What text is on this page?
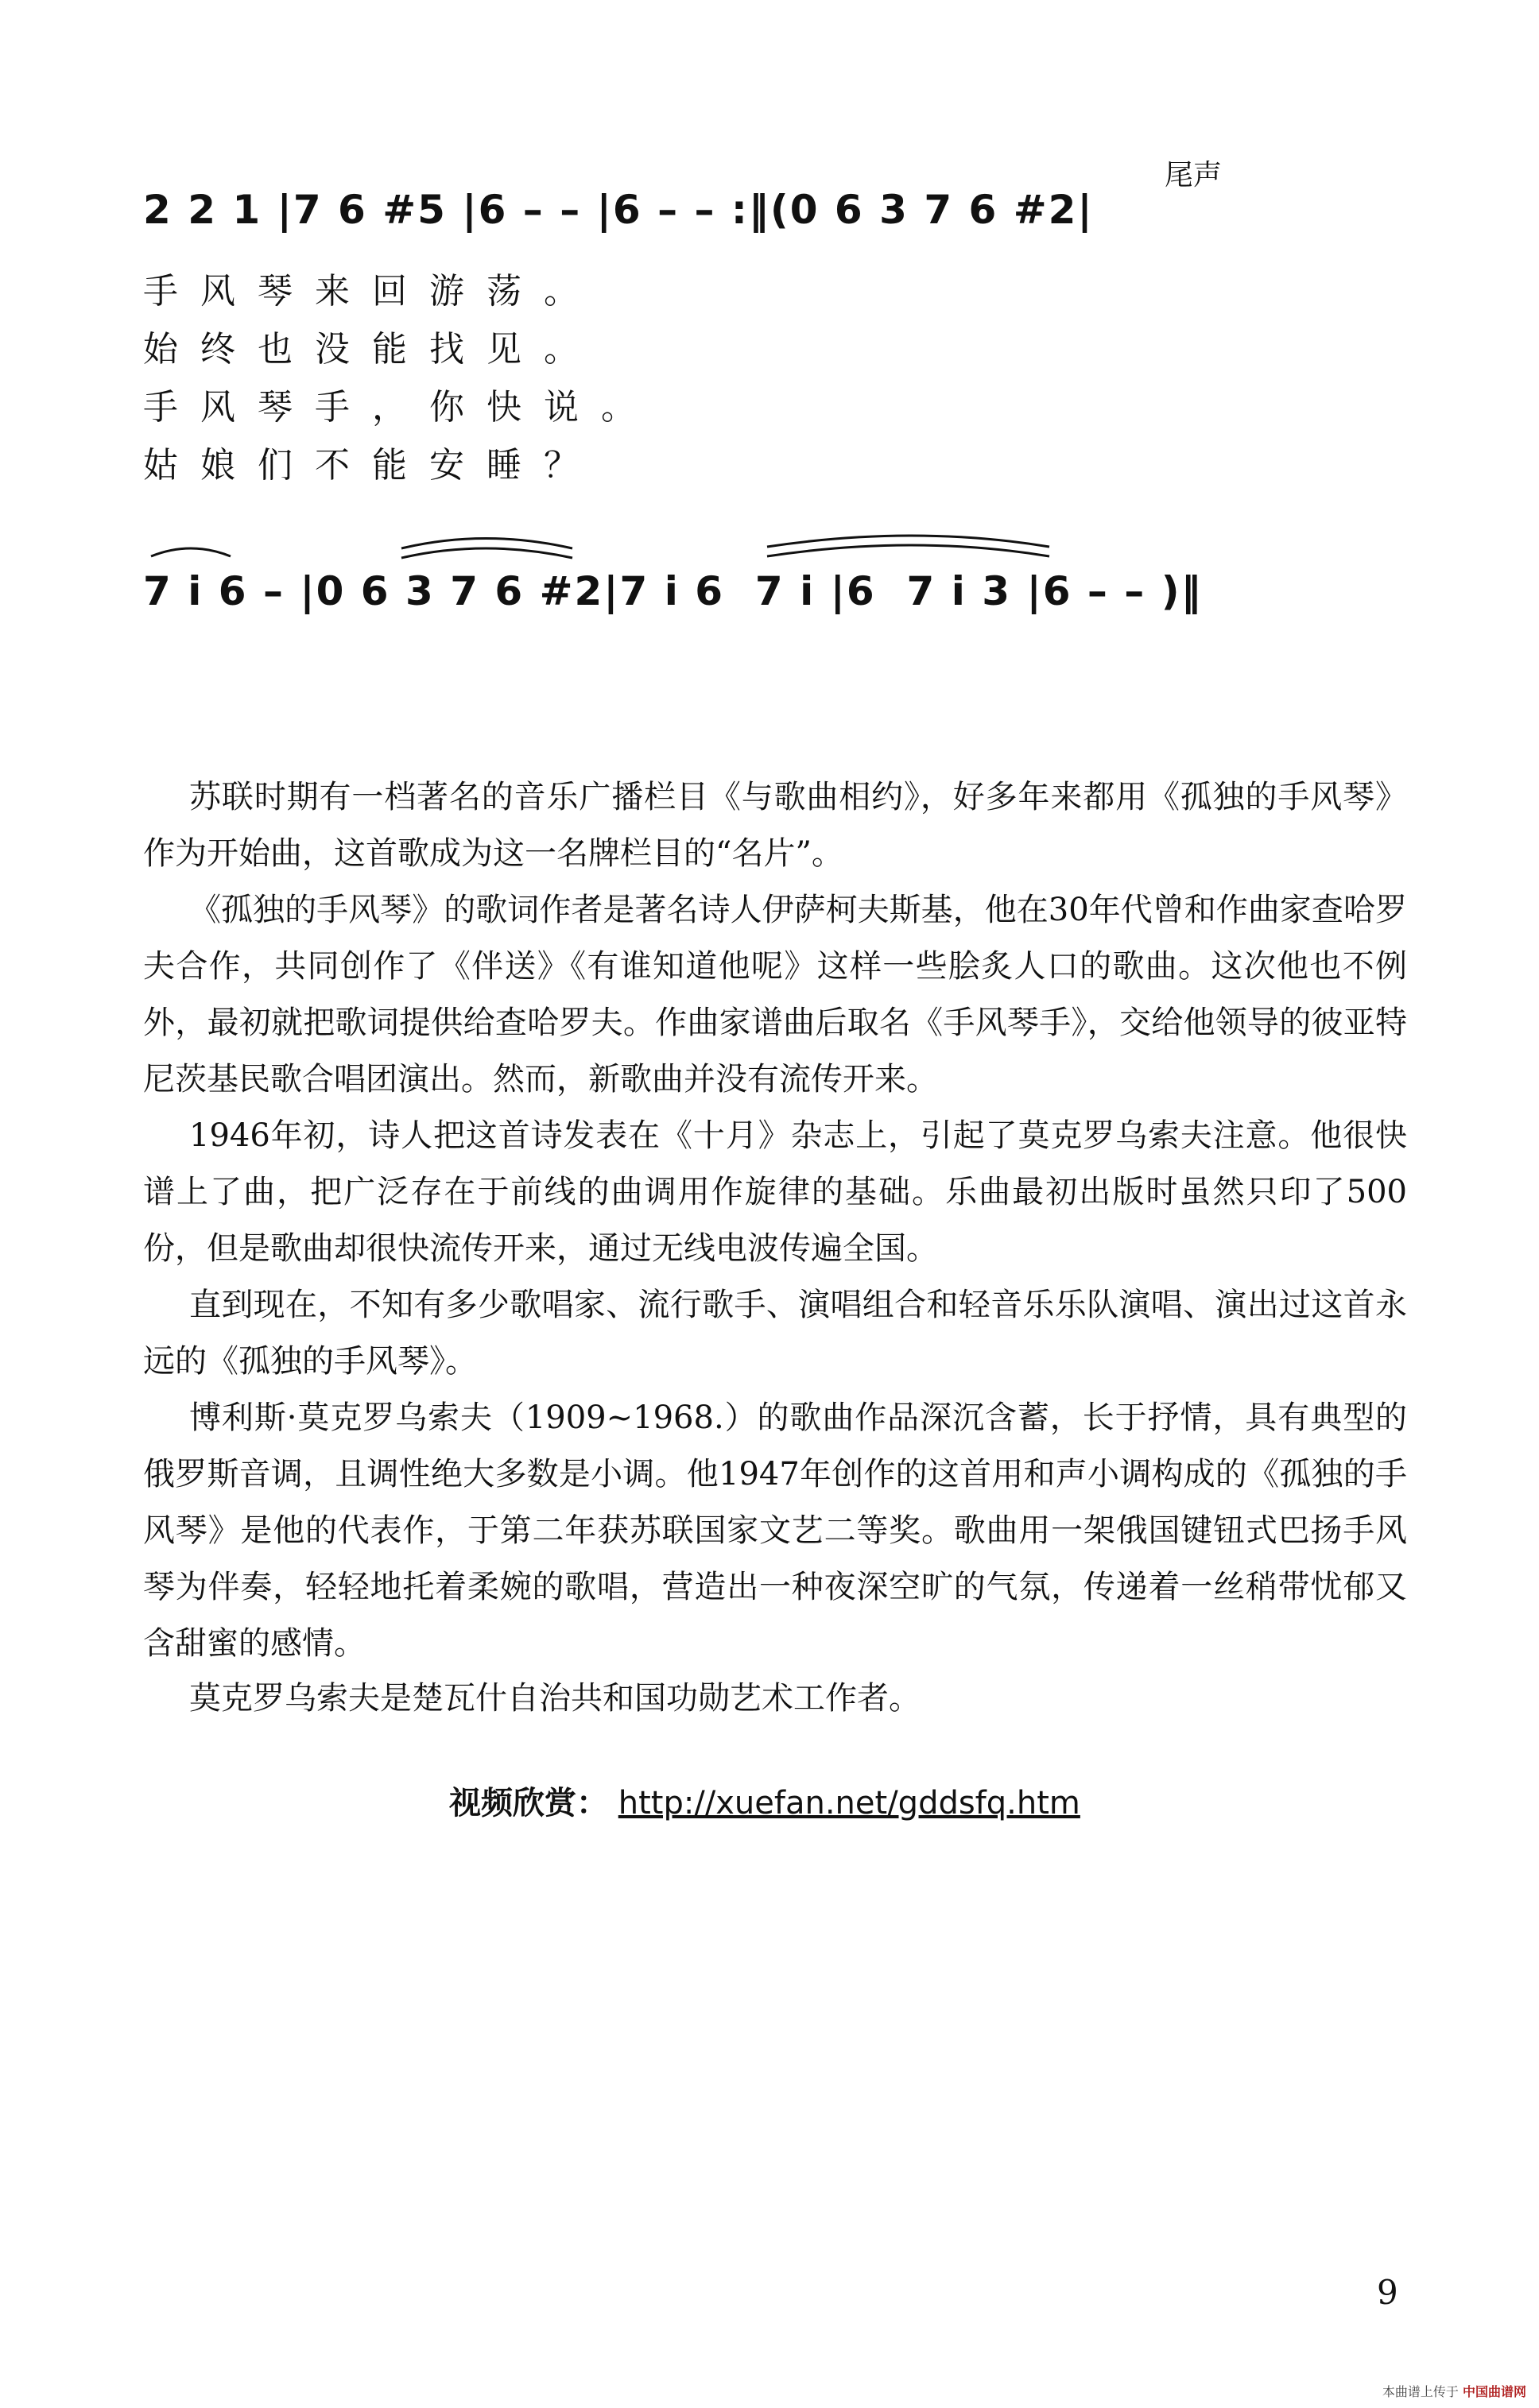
2 2 1 |7 6 #5 |6 – – |6 – – :‖(0 6 3 7 6 #2|
尾声
手风琴来回游荡。
始终也没能找见。
手风琴手，你快说。
姑娘们不能安睡？
7 i 6 – |0 6 3 7 6 #2|7 i 6  7 i |6  7 i 3 |6 – – )‖

苏联时期有一档著名的音乐广播栏目《与歌曲相约》，好多年来都用《孤独的手风琴》作为开始曲，这首歌成为这一名牌栏目的“名片”。

《孤独的手风琴》的歌词作者是著名诗人伊萨柯夫斯基，他在30年代曾和作曲家查哈罗夫合作，共同创作了《伴送》《有谁知道他呢》这样一些脍炙人口的歌曲。这次他也不例外，最初就把歌词提供给查哈罗夫。作曲家谱曲后取名《手风琴手》，交给他领导的彼亚特尼茨基民歌合唱团演出。然而，新歌曲并没有流传开来。

1946年初，诗人把这首诗发表在《十月》杂志上，引起了莫克罗乌索夫注意。他很快谱上了曲，把广泛存在于前线的曲调用作旋律的基础。乐曲最初出版时虽然只印了500份，但是歌曲却很快流传开来，通过无线电波传遍全国。

直到现在，不知有多少歌唱家、流行歌手、演唱组合和轻音乐乐队演唱、演出过这首永远的《孤独的手风琴》。

博利斯·莫克罗乌索夫（1909~1968.）的歌曲作品深沉含蓄，长于抒情，具有典型的俄罗斯音调，且调性绝大多数是小调。他1947年创作的这首用和声小调构成的《孤独的手风琴》是他的代表作，于第二年获苏联国家文艺二等奖。歌曲用一架俄国键钮式巴扬手风琴为伴奏，轻轻地托着柔婉的歌唱，营造出一种夜深空旷的气氛，传递着一丝稍带忧郁又含甜蜜的感情。

莫克罗乌索夫是楚瓦什自治共和国功勋艺术工作者。

视频欣赏： http://xuefan.net/gddsfq.htm
9
本曲谱上传于 中国曲谱网
